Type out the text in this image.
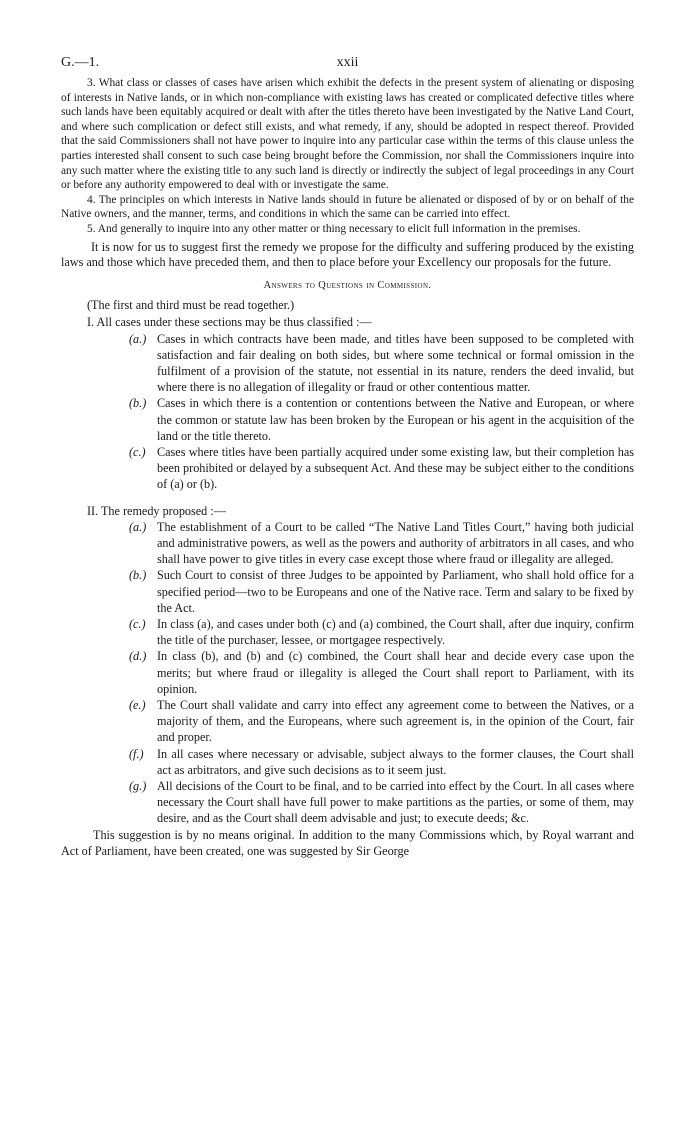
G.—1.	xxii

3. What class or classes of cases have arisen which exhibit the defects in the present system of alienating or disposing of interests in Native lands, or in which non-compliance with existing laws has created or complicated defective titles where such lands have been equitably acquired or dealt with after the titles thereto have been investigated by the Native Land Court, and where such complication or defect still exists, and what remedy, if any, should be adopted in respect thereof. Provided that the said Commissioners shall not have power to inquire into any particular case within the terms of this clause unless the parties interested shall consent to such case being brought before the Commission, nor shall the Commissioners inquire into any such matter where the existing title to any such land is directly or indirectly the subject of legal proceedings in any Court or before any authority empowered to deal with or investigate the same.

4. The principles on which interests in Native lands should in future be alienated or disposed of by or on behalf of the Native owners, and the manner, terms, and conditions in which the same can be carried into effect.

5. And generally to inquire into any other matter or thing necessary to elicit full information in the premises.

It is now for us to suggest first the remedy we propose for the difficulty and suffering produced by the existing laws and those which have preceded them, and then to place before your Excellency our proposals for the future.

Answers to Questions in Commission.
(The first and third must be read together.)
I. All cases under these sections may be thus classified :—
(a.) Cases in which contracts have been made, and titles have been supposed to be completed with satisfaction and fair dealing on both sides, but where some technical or formal omission in the fulfilment of a provision of the statute, not essential in its nature, renders the deed invalid, but where there is no allegation of illegality or fraud or other contentious matter.
(b.) Cases in which there is a contention or contentions between the Native and European, or where the common or statute law has been broken by the European or his agent in the acquisition of the land or the title thereto.
(c.) Cases where titles have been partially acquired under some existing law, but their completion has been prohibited or delayed by a subsequent Act. And these may be subject either to the conditions of (a) or (b).
II. The remedy proposed :—
(a.) The establishment of a Court to be called “The Native Land Titles Court,” having both judicial and administrative powers, as well as the powers and authority of arbitrators in all cases, and who shall have power to give titles in every case except those where fraud or illegality are alleged.
(b.) Such Court to consist of three Judges to be appointed by Parliament, who shall hold office for a specified period—two to be Europeans and one of the Native race. Term and salary to be fixed by the Act.
(c.) In class (a), and cases under both (c) and (a) combined, the Court shall, after due inquiry, confirm the title of the purchaser, lessee, or mortgagee respectively.
(d.) In class (b), and (b) and (c) combined, the Court shall hear and decide every case upon the merits; but where fraud or illegality is alleged the Court shall report to Parliament, with its opinion.
(e.) The Court shall validate and carry into effect any agreement come to between the Natives, or a majority of them, and the Europeans, where such agreement is, in the opinion of the Court, fair and proper.
(f.)	In all cases where necessary or advisable, subject always to the former clauses, the Court shall act as arbitrators, and give such decisions as to it seem just.
(g.) All decisions of the Court to be final, and to be carried into effect by the Court. In all cases where necessary the Court shall have full power to make partitions as the parties, or some of them, may desire, and as the Court shall deem advisable and just; to execute deeds; &c.

This suggestion is by no means original. In addition to the many Commissions which, by Royal warrant and Act of Parliament, have been created, one was suggested by Sir George
